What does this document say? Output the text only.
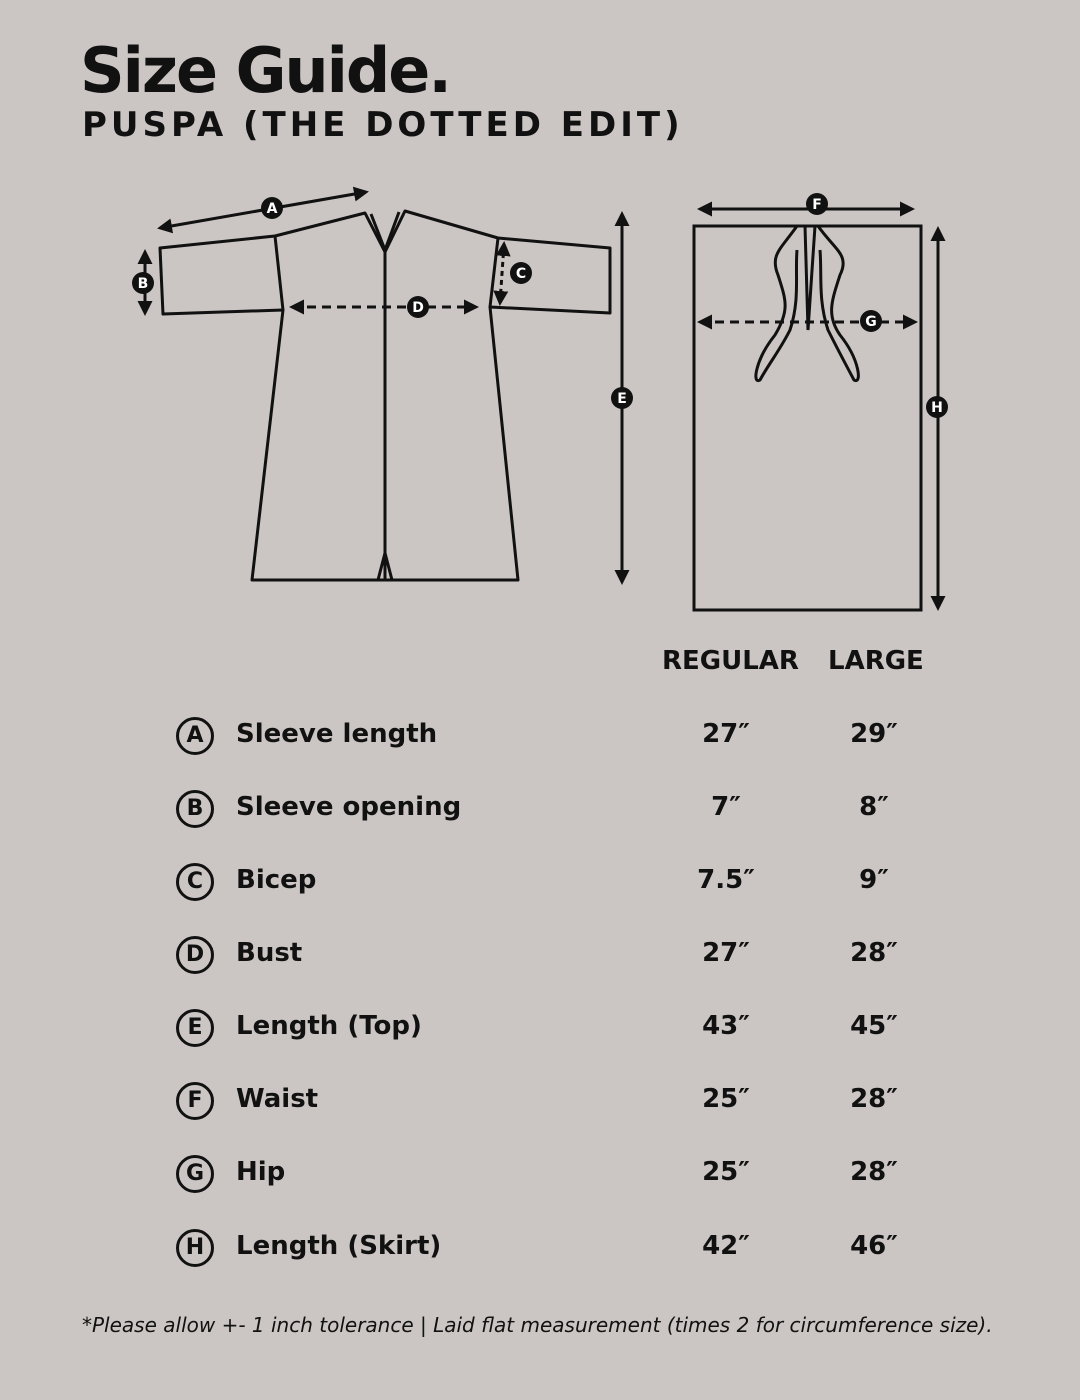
Size Guide.
PUSPA (THE DOTTED EDIT)
A
B
C
D
E
F
G
H
REGULAR LARGE
A	Sleeve length	27″	29″
B	Sleeve opening	7″	8″
C	Bicep	7.5″	9″
D	Bust	27″	28″
E	Length (Top)	43″	45″
F	Waist	25″	28″
G	Hip	25″	28″
H	Length (Skirt)	42″	46″
*Please allow +- 1 inch tolerance | Laid flat measurement (times 2 for circumference size).
